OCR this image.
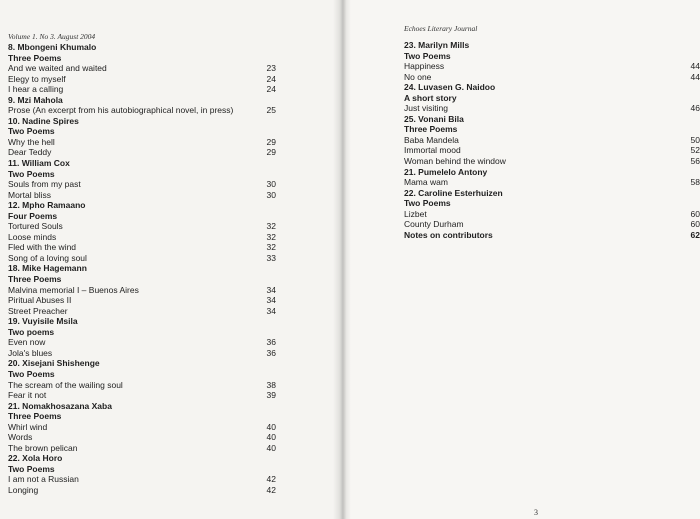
Volume 1. No 3. August 2004
8. Mbongeni Khumalo
Three Poems
And we waited and waited	23
Elegy to myself	24
I hear a calling	24
9. Mzi Mahola
Prose (An excerpt from his autobiographical novel, in press)	25
10. Nadine Spires
Two Poems
Why the hell	29
Dear Teddy	29
11. William Cox
Two Poems
Souls from my past	30
Mortal bliss	30
12. Mpho Ramaano
Four Poems
Tortured Souls	32
Loose minds	32
Fled with the wind	32
Song of a loving soul	33
18. Mike Hagemann
Three Poems
Malvina memorial I – Buenos Aires	34
Piritual Abuses II	34
Street Preacher	34
19. Vuyisile Msila
Two poems
Even now	36
Jola's blues	36
20. Xisejani Shishenge
Two Poems
The scream of the wailing soul	38
Fear it not	39
21. Nomakhosazana Xaba
Three Poems
Whirl wind	40
Words	40
The brown pelican	40
22. Xola Horo
Two Poems
I am not a Russian	42
Longing	42
Echoes Literary Journal
23. Marilyn Mills
Two Poems
Happiness	44
No one	44
24. Luvasen G. Naidoo
A short story
Just visiting	46
25. Vonani Bila
Three Poems
Baba Mandela	50
Immortal mood	52
Woman behind the window	56
21. Pumelelo Antony
Mama wam	58
22. Caroline Esterhuizen
Two Poems
Lizbet	60
County Durham	60
Notes on contributors	62
3
